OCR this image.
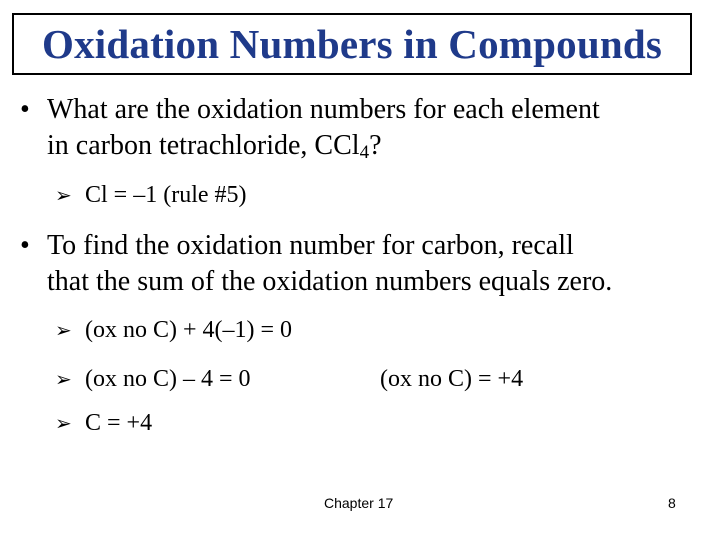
Oxidation Numbers in Compounds
• What are the oxidation numbers for each element
in carbon tetrachloride, CCl$_4$?
➢ Cl = –1 (rule #5)
• To find the oxidation number for carbon, recall
that the sum of the oxidation numbers equals zero.
➢ (ox no C) + 4(–1) = 0
➢ (ox no C) – 4 = 0	(ox no C) = +4
➢ C = +4
Chapter 17	8
